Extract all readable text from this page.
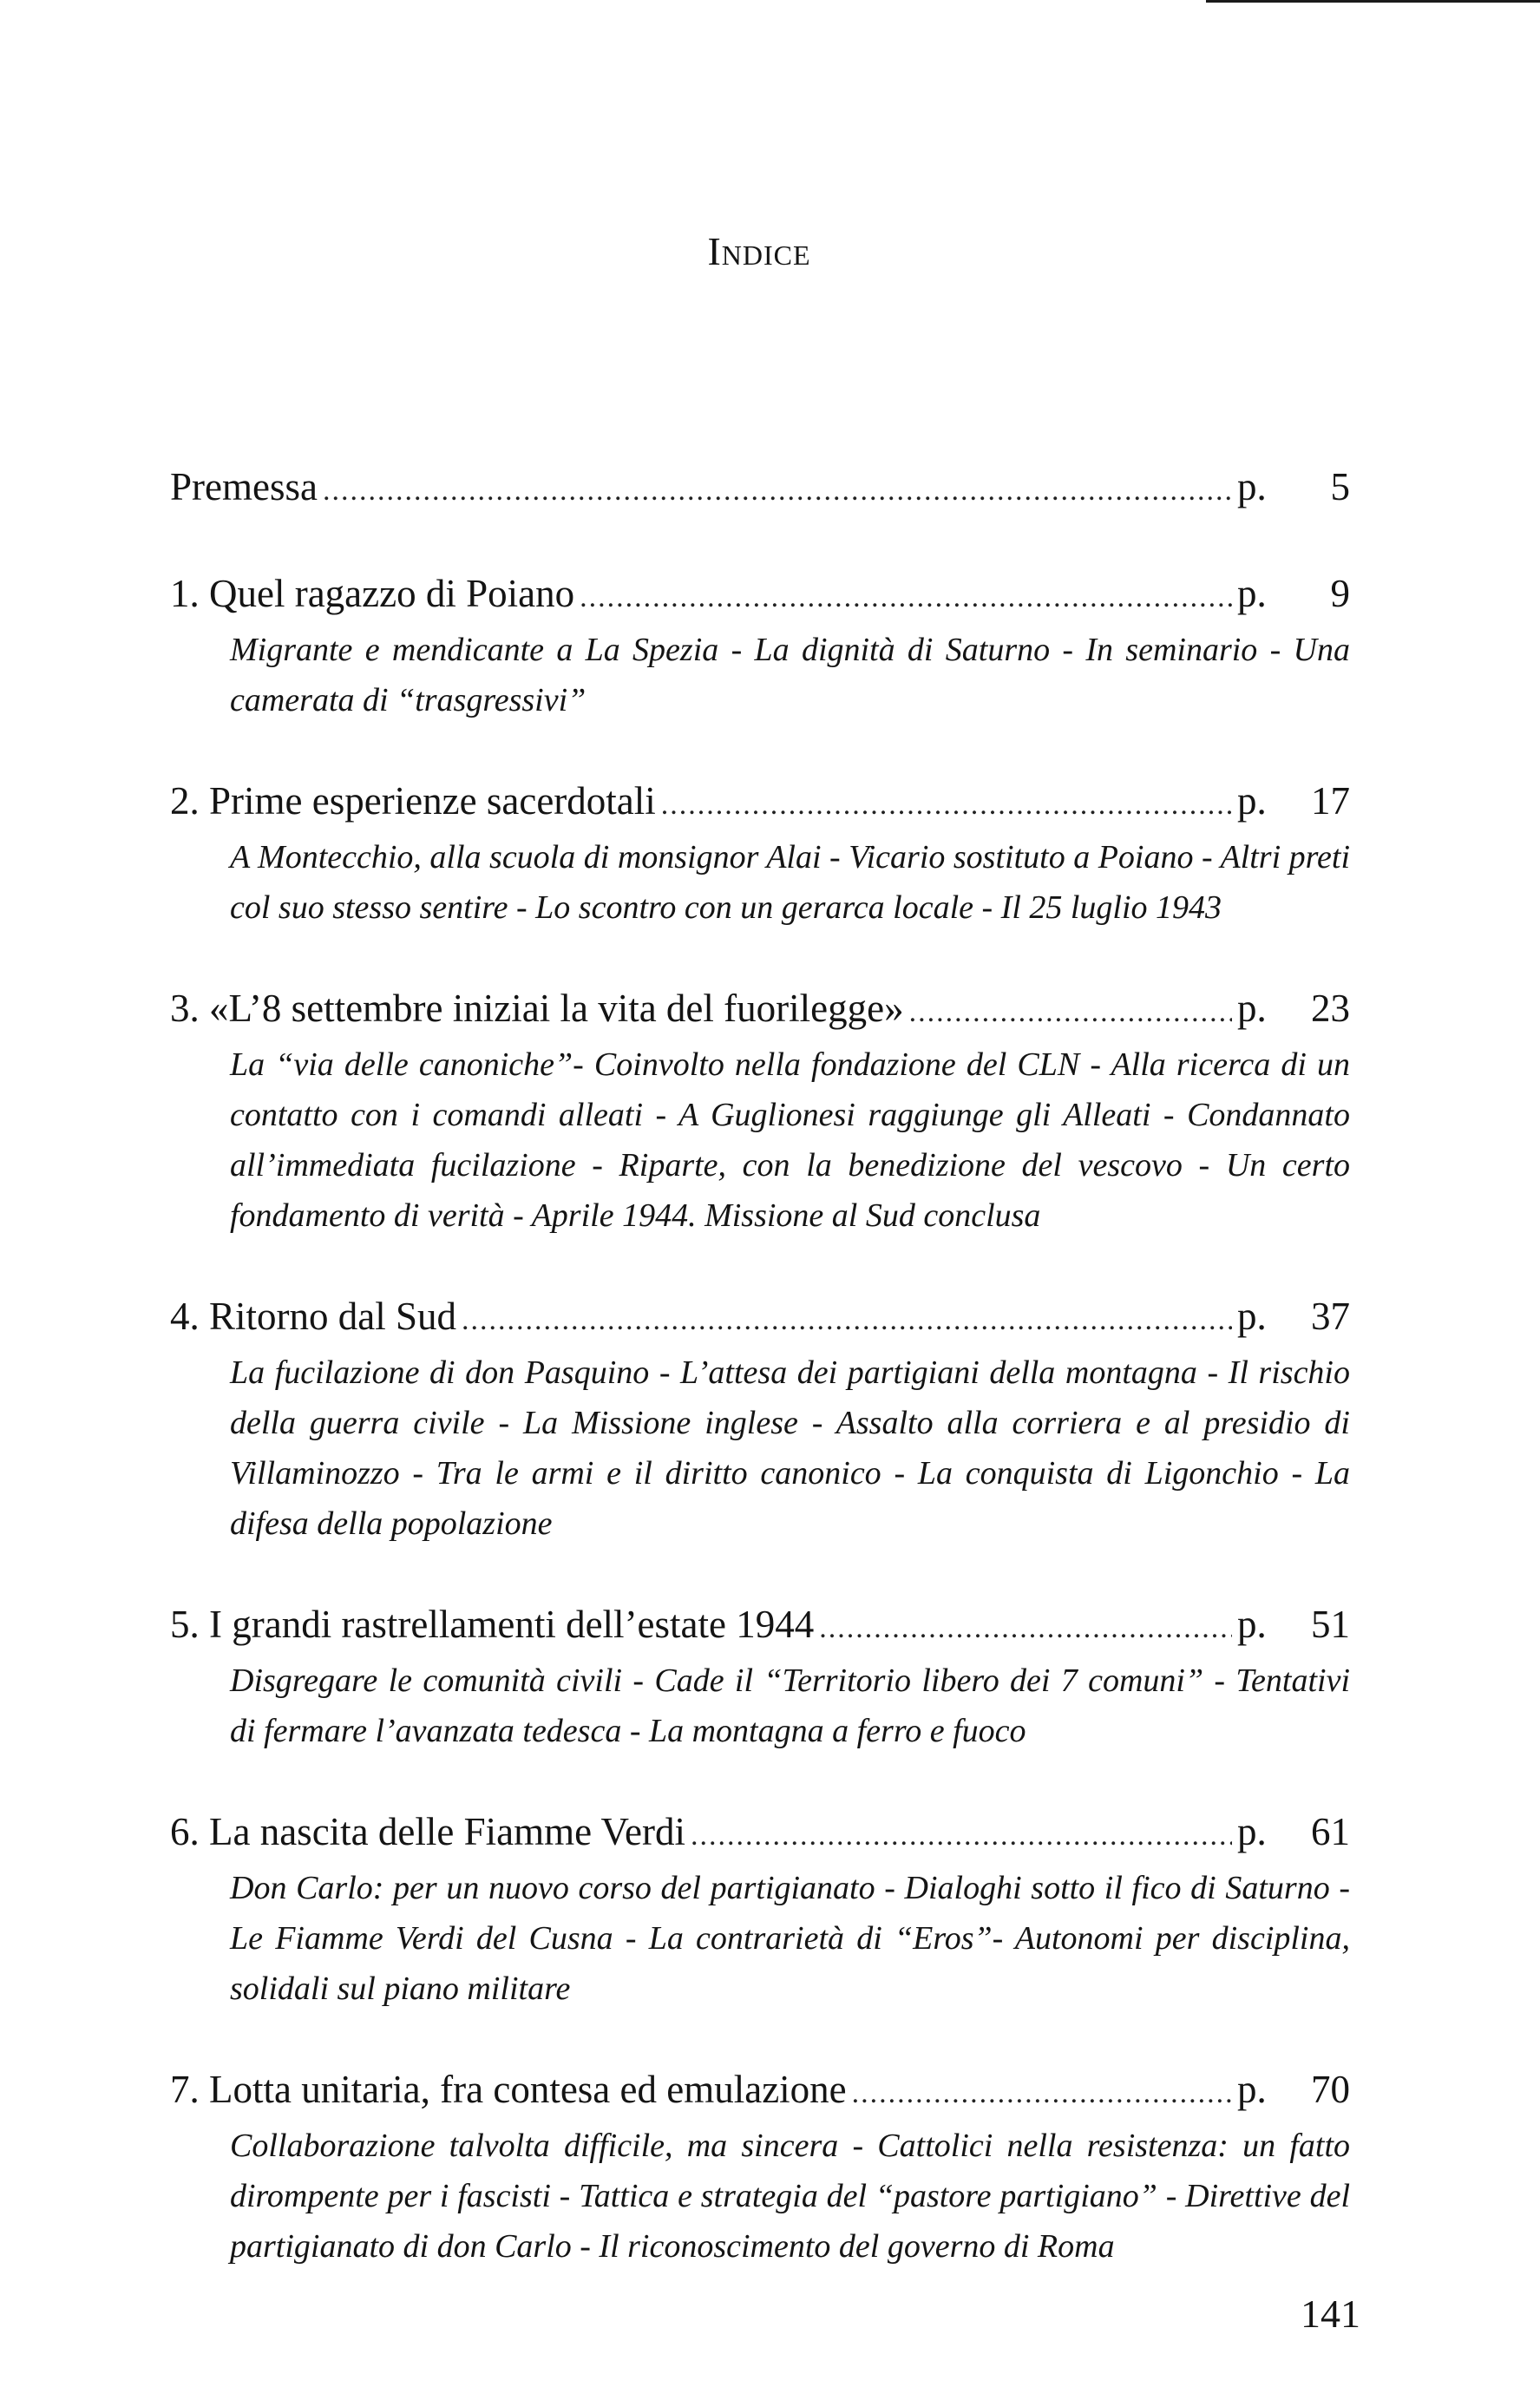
Indice
Premessa .....	p. 5
1. Quel ragazzo di Poiano .....	p. 9
Migrante e mendicante a La Spezia - La dignità di Saturno - In seminario - Una camerata di “trasgressivi”
2. Prime esperienze sacerdotali .....	p. 17
A Montecchio, alla scuola di monsignor Alai - Vicario sostituto a Poiano - Altri preti col suo stesso sentire - Lo scontro con un gerarca locale - Il 25 luglio 1943
3. «L’8 settembre iniziai la vita del fuorilegge» .....	p. 23
La “via delle canoniche”- Coinvolto nella fondazione del CLN - Alla ricerca di un contatto con i comandi alleati - A Guglionesi raggiunge gli Alleati - Condannato all’immediata fucilazione - Riparte, con la benedizione del vescovo - Un certo fondamento di verità - Aprile 1944. Missione al Sud conclusa
4. Ritorno dal Sud .....	p. 37
La fucilazione di don Pasquino - L’attesa dei partigiani della montagna - Il rischio della guerra civile - La Missione inglese - Assalto alla corriera e al presidio di Villaminozzo - Tra le armi e il diritto canonico - La conquista di Ligonchio - La difesa della popolazione
5. I grandi rastrellamenti dell’estate 1944 .....	p. 51
Disgregare le comunità civili - Cade il “Territorio libero dei 7 comuni” - Tentativi di fermare l’avanzata tedesca - La montagna a ferro e fuoco
6. La nascita delle Fiamme Verdi .....	p. 61
Don Carlo: per un nuovo corso del partigianato - Dialoghi sotto il fico di Saturno - Le Fiamme Verdi del Cusna - La contrarietà di “Eros”- Autonomi per disciplina, solidali sul piano militare
7. Lotta unitaria, fra contesa ed emulazione .....	p. 70
Collaborazione talvolta difficile, ma sincera - Cattolici nella resistenza: un fatto dirompente per i fascisti - Tattica e strategia del “pastore partigiano” - Direttive del partigianato di don Carlo - Il riconoscimento del governo di Roma
141
